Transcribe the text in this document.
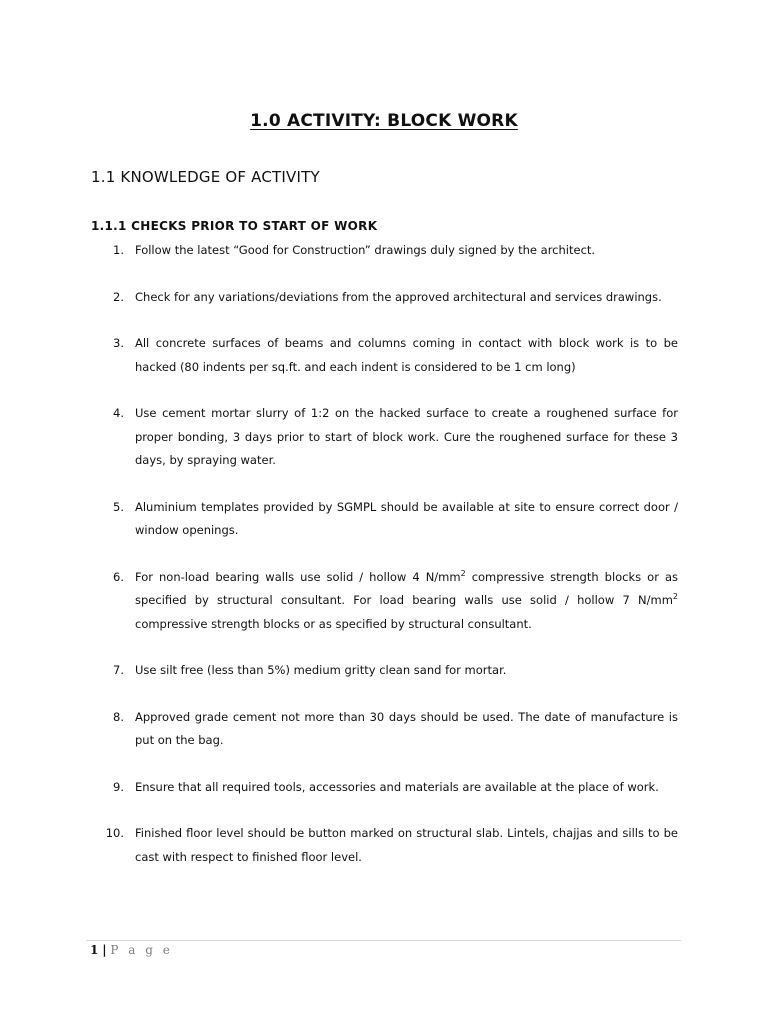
1.0 ACTIVITY: BLOCK WORK
1.1 KNOWLEDGE OF ACTIVITY
1.1.1 CHECKS PRIOR TO START OF WORK
1. Follow the latest “Good for Construction” drawings duly signed by the architect.
2. Check for any variations/deviations from the approved architectural and services drawings.
3. All concrete surfaces of beams and columns coming in contact with block work is to be hacked (80 indents per sq.ft. and each indent is considered to be 1 cm long)
4. Use cement mortar slurry of 1:2 on the hacked surface to create a roughened surface for proper bonding, 3 days prior to start of block work. Cure the roughened surface for these 3 days, by spraying water.
5. Aluminium templates provided by SGMPL should be available at site to ensure correct door / window openings.
6. For non-load bearing walls use solid / hollow 4 $N/mm^2$ compressive strength blocks or as specified by structural consultant. For load bearing walls use solid / hollow 7 $N/mm^2$ compressive strength blocks or as specified by structural consultant.
7. Use silt free (less than 5%) medium gritty clean sand for mortar.
8. Approved grade cement not more than 30 days should be used. The date of manufacture is put on the bag.
9. Ensure that all required tools, accessories and materials are available at the place of work.
10. Finished floor level should be button marked on structural slab. Lintels, chajjas and sills to be cast with respect to finished floor level.
1 | P a g e
